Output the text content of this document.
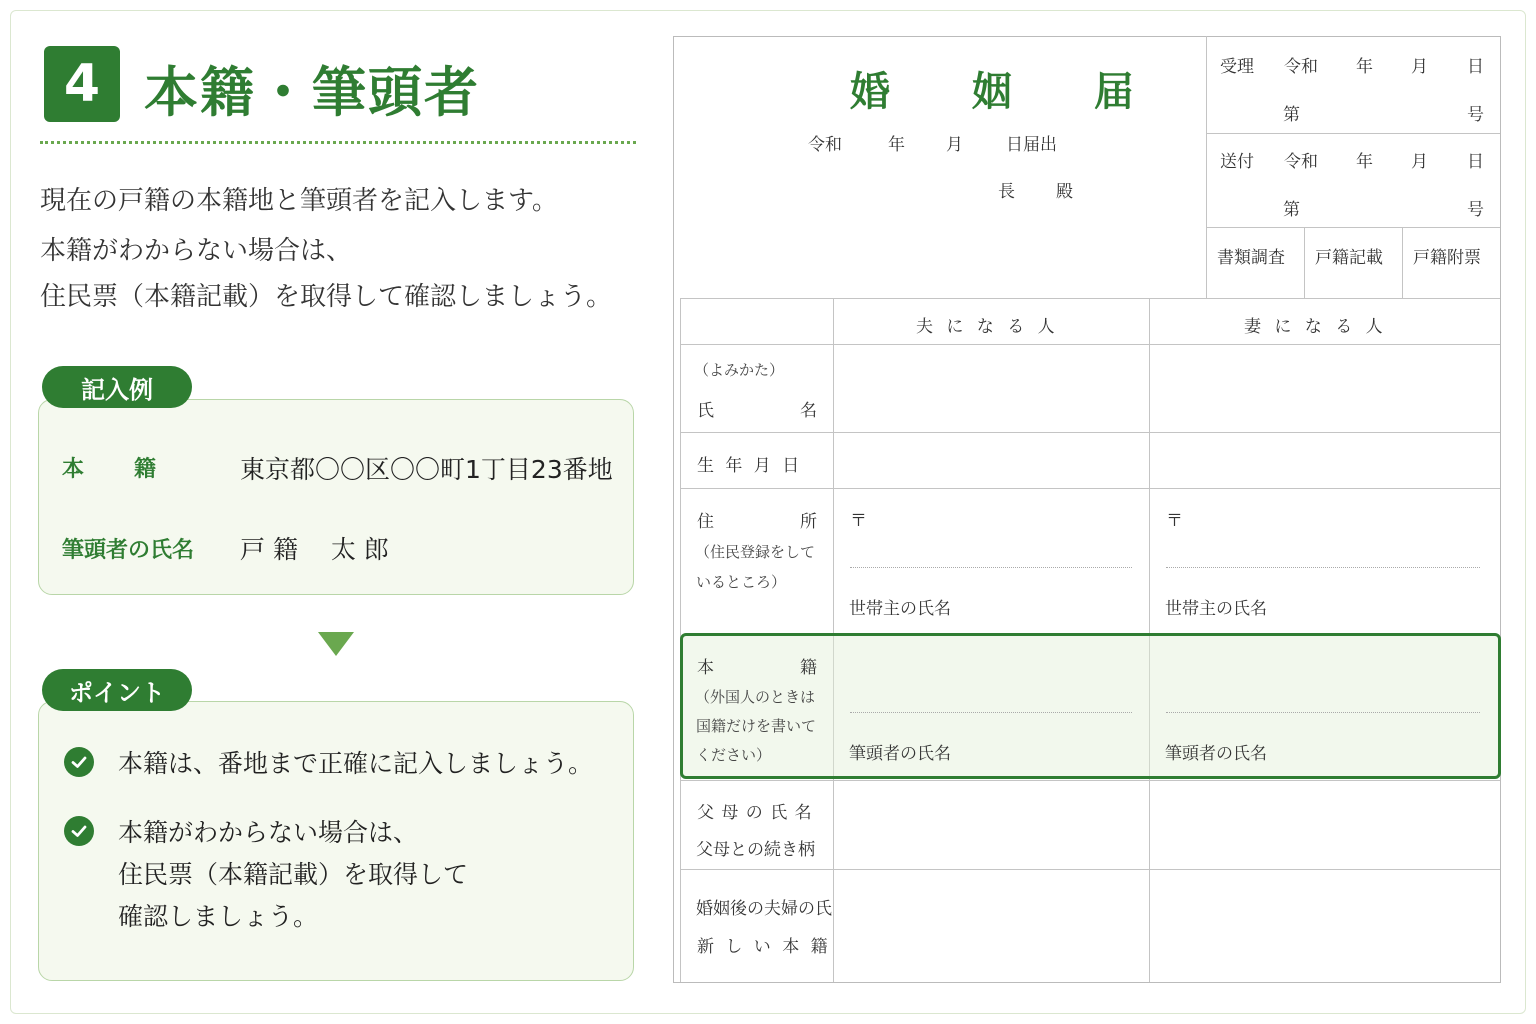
4 本籍・筆頭者
現在の戸籍の本籍地と筆頭者を記入します。
本籍がわからない場合は、
住民票（本籍記載）を取得して確認しましょう。
記入例
本　　籍	東京都〇〇区〇〇町1丁目23番地
筆頭者の氏名 戸 籍　 太 郎
ポイント
本籍は、番地まで正確に記入しましょう。
本籍がわからない場合は、
住民票（本籍記載）を取得して
確認しましょう。
婚 姻 届
令和	年 月	日届出
長 殿
受理 令和 年 月 日
第	号
送付 令和 年 月 日
第	号
書類調査 戸籍記載 戸籍附票
夫 に な る 人	妻 に な る 人
（よみかた）
氏	名
生 年 月 日
住	所
（住民登録をして
いるところ）
〒	〒
世帯主の氏名	世帯主の氏名
本	籍
（外国人のときは
国籍だけを書いて
ください）	筆頭者の氏名	筆頭者の氏名
父 母 の 氏 名
父母との続き柄
婚姻後の夫婦の氏
新 し い 本 籍
